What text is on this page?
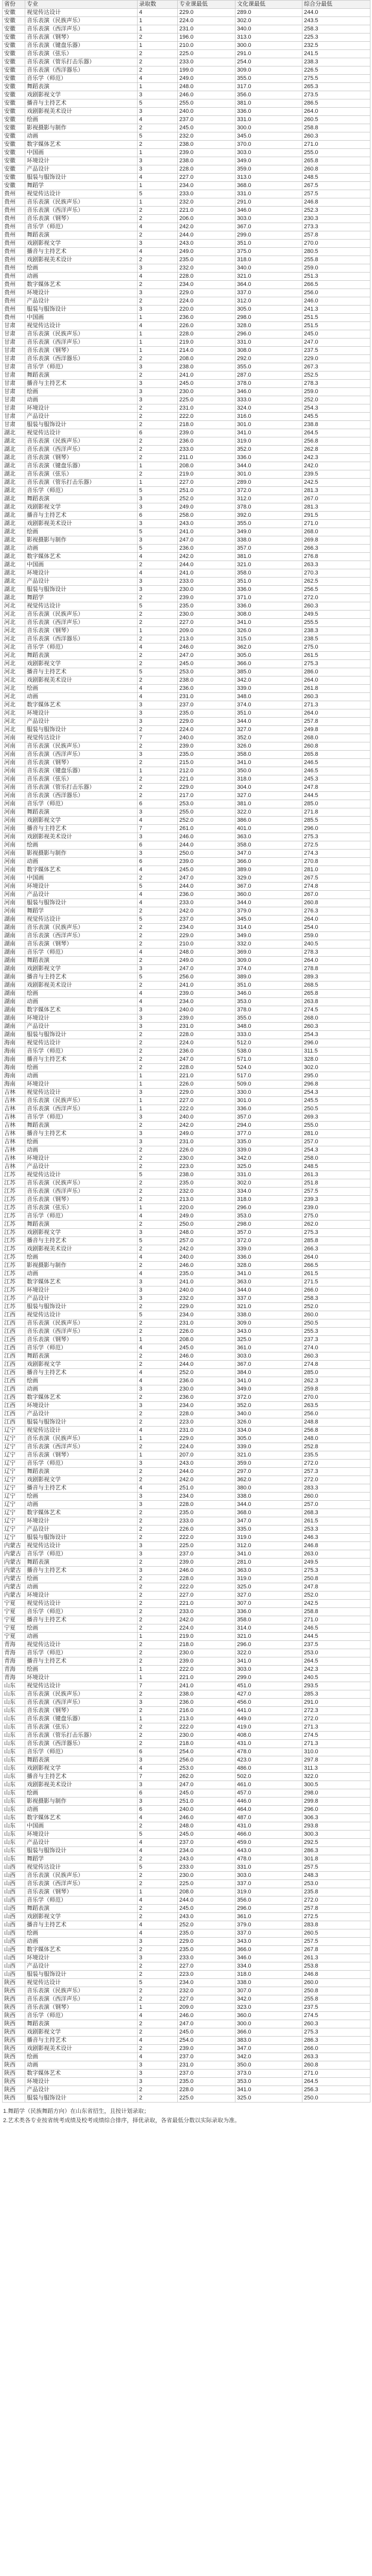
省份	专业	录取数	专业课最低	文化课最低	综合分最低
安徽	视觉传达设计	4	229.0	289.0	244.0
安徽	音乐表演（民族声乐）	1	224.0	302.0	243.5
安徽	音乐表演（西洋声乐）	1	231.0	340.0	258.3
安徽	音乐表演（钢琴）	2	196.0	313.0	225.3
安徽	音乐表演（键盘乐器）	1	210.0	300.0	232.5
安徽	音乐表演（弦乐）	2	225.0	291.0	241.5
安徽	音乐表演（管乐打击乐器）	2	233.0	254.0	238.3
安徽	音乐表演（西洋器乐）	2	199.0	309.0	226.5
安徽	音乐学（师范）	4	249.0	355.0	275.5
安徽	舞蹈表演	1	248.0	317.0	265.3
安徽	戏剧影视文学	3	246.0	356.0	273.5
安徽	播音与主持艺术	5	255.0	381.0	286.5
安徽	戏剧影视美术设计	3	240.0	336.0	264.0
安徽	绘画	4	237.0	331.0	260.5
安徽	影视摄影与制作	2	245.0	300.0	258.8
安徽	动画	5	232.0	345.0	260.3
安徽	数字媒体艺术	2	238.0	370.0	271.0
安徽	中国画	1	239.0	303.0	255.0
安徽	环境设计	3	238.0	349.0	265.8
安徽	产品设计	3	228.0	359.0	260.8
安徽	服装与服饰设计	4	227.0	313.0	248.5
安徽	舞蹈学	1	234.0	368.0	267.5
贵州	视觉传达设计	5	233.0	331.0	257.5
贵州	音乐表演（民族声乐）	1	232.0	291.0	246.8
贵州	音乐表演（西洋声乐）	2	221.0	346.0	252.3
贵州	音乐表演（钢琴）	2	206.0	303.0	230.3
贵州	音乐学（师范）	4	242.0	367.0	273.3
贵州	舞蹈表演	2	244.0	299.0	257.8
贵州	戏剧影视文学	3	243.0	351.0	270.0
贵州	播音与主持艺术	4	249.0	375.0	280.5
贵州	戏剧影视美术设计	2	235.0	318.0	255.8
贵州	绘画	3	232.0	340.0	259.0
贵州	动画	4	228.0	321.0	251.3
贵州	数字媒体艺术	2	234.0	364.0	266.5
贵州	环境设计	3	229.0	337.0	256.0
贵州	产品设计	2	224.0	312.0	246.0
贵州	服装与服饰设计	3	220.0	305.0	241.3
贵州	中国画	1	236.0	298.0	251.5
甘肃	视觉传达设计	4	226.0	328.0	251.5
甘肃	音乐表演（民族声乐）	1	228.0	296.0	245.0
甘肃	音乐表演（西洋声乐）	1	219.0	331.0	247.0
甘肃	音乐表演（钢琴）	1	214.0	308.0	237.5
甘肃	音乐表演（西洋器乐）	2	208.0	292.0	229.0
甘肃	音乐学（师范）	3	238.0	355.0	267.3
甘肃	舞蹈表演	2	241.0	287.0	252.5
甘肃	播音与主持艺术	3	245.0	378.0	278.3
甘肃	绘画	3	230.0	346.0	259.0
甘肃	动画	3	225.0	333.0	252.0
甘肃	环境设计	2	231.0	324.0	254.3
甘肃	产品设计	2	222.0	316.0	245.5
甘肃	服装与服饰设计	2	218.0	301.0	238.8
湖北	视觉传达设计	6	239.0	341.0	264.5
湖北	音乐表演（民族声乐）	2	236.0	319.0	256.8
湖北	音乐表演（西洋声乐）	2	233.0	352.0	262.8
湖北	音乐表演（钢琴）	2	211.0	336.0	242.3
湖北	音乐表演（键盘乐器）	1	208.0	344.0	242.0
湖北	音乐表演（弦乐）	2	219.0	301.0	239.5
湖北	音乐表演（管乐打击乐器）	1	227.0	289.0	242.5
湖北	音乐学（师范）	5	251.0	372.0	281.3
湖北	舞蹈表演	3	252.0	312.0	267.0
湖北	戏剧影视文学	3	249.0	378.0	281.3
湖北	播音与主持艺术	6	258.0	392.0	291.5
湖北	戏剧影视美术设计	3	243.0	355.0	271.0
湖北	绘画	5	241.0	349.0	268.0
湖北	影视摄影与制作	3	247.0	338.0	269.8
湖北	动画	5	236.0	357.0	266.3
湖北	数字媒体艺术	4	242.0	381.0	276.8
湖北	中国画	2	244.0	321.0	263.3
湖北	环境设计	4	241.0	358.0	270.3
湖北	产品设计	3	233.0	351.0	262.5
湖北	服装与服饰设计	3	230.0	336.0	256.5
湖北	舞蹈学	2	239.0	371.0	272.0
河北	视觉传达设计	5	235.0	336.0	260.3
河北	音乐表演（民族声乐）	2	230.0	308.0	249.5
河北	音乐表演（西洋声乐）	2	227.0	341.0	255.5
河北	音乐表演（钢琴）	1	209.0	326.0	238.3
河北	音乐表演（西洋器乐）	2	213.0	315.0	238.5
河北	音乐学（师范）	4	246.0	362.0	275.0
河北	舞蹈表演	2	247.0	305.0	261.5
河北	戏剧影视文学	2	245.0	366.0	275.3
河北	播音与主持艺术	5	253.0	385.0	286.0
河北	戏剧影视美术设计	2	238.0	342.0	264.0
河北	绘画	4	236.0	339.0	261.8
河北	动画	4	231.0	348.0	260.3
河北	数字媒体艺术	3	237.0	374.0	271.3
河北	环境设计	3	235.0	351.0	264.0
河北	产品设计	3	229.0	344.0	257.8
河北	服装与服饰设计	2	224.0	327.0	249.8
河南	视觉传达设计	7	240.0	352.0	268.0
河南	音乐表演（民族声乐）	2	239.0	326.0	260.8
河南	音乐表演（西洋声乐）	3	235.0	358.0	265.8
河南	音乐表演（钢琴）	2	215.0	341.0	246.5
河南	音乐表演（键盘乐器）	1	212.0	350.0	246.5
河南	音乐表演（弦乐）	2	221.0	318.0	245.3
河南	音乐表演（管乐打击乐器）	2	229.0	304.0	247.8
河南	音乐表演（西洋器乐）	2	217.0	327.0	244.5
河南	音乐学（师范）	6	253.0	381.0	285.0
河南	舞蹈表演	3	255.0	322.0	271.8
河南	戏剧影视文学	4	252.0	386.0	285.5
河南	播音与主持艺术	7	261.0	401.0	296.0
河南	戏剧影视美术设计	3	246.0	363.0	275.3
河南	绘画	6	244.0	358.0	272.5
河南	影视摄影与制作	3	250.0	347.0	274.3
河南	动画	6	239.0	366.0	270.8
河南	数字媒体艺术	4	245.0	389.0	281.0
河南	中国画	2	247.0	329.0	267.5
河南	环境设计	5	244.0	367.0	274.8
河南	产品设计	4	236.0	360.0	267.0
河南	服装与服饰设计	4	233.0	344.0	260.8
河南	舞蹈学	2	242.0	379.0	276.3
湖南	视觉传达设计	5	237.0	345.0	264.0
湖南	音乐表演（民族声乐）	2	234.0	314.0	254.0
湖南	音乐表演（西洋声乐）	2	229.0	349.0	259.0
湖南	音乐表演（钢琴）	2	210.0	332.0	240.5
湖南	音乐学（师范）	4	248.0	369.0	278.3
湖南	舞蹈表演	2	249.0	309.0	264.0
湖南	戏剧影视文学	3	247.0	374.0	278.8
湖南	播音与主持艺术	5	256.0	389.0	289.3
湖南	戏剧影视美术设计	2	241.0	351.0	268.5
湖南	绘画	4	239.0	346.0	265.8
湖南	动画	4	234.0	353.0	263.8
湖南	数字媒体艺术	3	240.0	378.0	274.5
湖南	环境设计	3	239.0	355.0	268.0
湖南	产品设计	3	231.0	348.0	260.3
湖南	服装与服饰设计	2	228.0	333.0	254.3
海南	视觉传达设计	2	224.0	512.0	296.0
海南	音乐学（师范）	2	236.0	538.0	311.5
海南	播音与主持艺术	2	247.0	571.0	328.0
海南	绘画	2	228.0	524.0	302.0
海南	动画	1	221.0	517.0	295.0
海南	环境设计	1	226.0	509.0	296.8
吉林	视觉传达设计	3	229.0	330.0	254.3
吉林	音乐表演（民族声乐）	1	227.0	301.0	245.5
吉林	音乐表演（西洋声乐）	1	222.0	336.0	250.5
吉林	音乐学（师范）	3	240.0	357.0	269.3
吉林	舞蹈表演	2	242.0	294.0	255.0
吉林	播音与主持艺术	3	249.0	377.0	281.0
吉林	绘画	3	231.0	335.0	257.0
吉林	动画	2	226.0	339.0	254.3
吉林	环境设计	2	230.0	342.0	258.0
吉林	产品设计	2	223.0	325.0	248.5
江苏	视觉传达设计	5	238.0	331.0	261.3
江苏	音乐表演（民族声乐）	2	235.0	302.0	251.8
江苏	音乐表演（西洋声乐）	2	232.0	334.0	257.5
江苏	音乐表演（钢琴）	2	213.0	318.0	239.3
江苏	音乐表演（弦乐）	1	220.0	296.0	239.0
江苏	音乐学（师范）	4	249.0	353.0	275.0
江苏	舞蹈表演	2	250.0	298.0	262.0
江苏	戏剧影视文学	3	248.0	357.0	275.3
江苏	播音与主持艺术	5	257.0	372.0	285.8
江苏	戏剧影视美术设计	2	242.0	339.0	266.3
江苏	绘画	4	240.0	336.0	264.0
江苏	影视摄影与制作	2	246.0	328.0	266.5
江苏	动画	4	235.0	341.0	261.5
江苏	数字媒体艺术	3	241.0	363.0	271.5
江苏	环境设计	3	240.0	344.0	266.0
江苏	产品设计	3	232.0	337.0	258.3
江苏	服装与服饰设计	2	229.0	321.0	252.0
江西	视觉传达设计	5	234.0	338.0	260.0
江西	音乐表演（民族声乐）	2	231.0	309.0	250.5
江西	音乐表演（西洋声乐）	2	226.0	343.0	255.3
江西	音乐表演（钢琴）	1	208.0	325.0	237.3
江西	音乐学（师范）	4	245.0	361.0	274.0
江西	舞蹈表演	2	246.0	303.0	260.3
江西	戏剧影视文学	2	244.0	367.0	274.8
江西	播音与主持艺术	4	252.0	384.0	285.0
江西	绘画	4	236.0	341.0	262.3
江西	动画	3	230.0	349.0	259.8
江西	数字媒体艺术	2	236.0	372.0	270.0
江西	环境设计	3	234.0	352.0	263.5
江西	产品设计	2	228.0	340.0	256.0
江西	服装与服饰设计	2	223.0	326.0	248.8
辽宁	视觉传达设计	4	231.0	334.0	256.8
辽宁	音乐表演（民族声乐）	1	229.0	305.0	248.0
辽宁	音乐表演（西洋声乐）	2	224.0	339.0	252.8
辽宁	音乐表演（钢琴）	1	207.0	321.0	235.5
辽宁	音乐学（师范）	3	243.0	359.0	272.0
辽宁	舞蹈表演	2	244.0	297.0	257.3
辽宁	戏剧影视文学	2	242.0	362.0	272.0
辽宁	播音与主持艺术	4	251.0	380.0	283.3
辽宁	绘画	3	234.0	338.0	260.0
辽宁	动画	3	228.0	344.0	257.0
辽宁	数字媒体艺术	2	235.0	368.0	268.3
辽宁	环境设计	2	233.0	347.0	261.5
辽宁	产品设计	2	226.0	335.0	253.3
辽宁	服装与服饰设计	2	222.0	319.0	246.3
内蒙古	视觉传达设计	3	225.0	312.0	246.8
内蒙古	音乐学（师范）	3	237.0	341.0	263.0
内蒙古	舞蹈表演	2	239.0	281.0	249.5
内蒙古	播音与主持艺术	3	246.0	363.0	275.3
内蒙古	绘画	2	228.0	319.0	250.8
内蒙古	动画	2	222.0	325.0	247.8
内蒙古	环境设计	2	227.0	327.0	252.0
宁夏	视觉传达设计	2	221.0	307.0	242.5
宁夏	音乐学（师范）	2	233.0	336.0	258.8
宁夏	播音与主持艺术	2	242.0	358.0	271.0
宁夏	绘画	2	224.0	314.0	246.5
宁夏	动画	1	219.0	321.0	244.5
青海	视觉传达设计	2	218.0	296.0	237.5
青海	音乐学（师范）	2	230.0	322.0	253.0
青海	播音与主持艺术	2	239.0	341.0	264.5
青海	绘画	1	222.0	303.0	242.3
青海	环境设计	1	221.0	299.0	240.5
山东	视觉传达设计	7	241.0	451.0	293.5
山东	音乐表演（民族声乐）	2	238.0	427.0	285.3
山东	音乐表演（西洋声乐）	3	236.0	456.0	291.0
山东	音乐表演（钢琴）	2	216.0	441.0	272.3
山东	音乐表演（键盘乐器）	1	213.0	449.0	272.0
山东	音乐表演（弦乐）	2	222.0	419.0	271.3
山东	音乐表演（管乐打击乐器）	2	230.0	408.0	274.5
山东	音乐表演（西洋器乐）	2	218.0	431.0	271.3
山东	音乐学（师范）	6	254.0	478.0	310.0
山东	舞蹈表演	3	256.0	423.0	297.8
山东	戏剧影视文学	4	253.0	486.0	311.3
山东	播音与主持艺术	7	262.0	502.0	322.0
山东	戏剧影视美术设计	3	247.0	461.0	300.5
山东	绘画	6	245.0	457.0	298.0
山东	影视摄影与制作	3	251.0	446.0	299.8
山东	动画	6	240.0	464.0	296.0
山东	数字媒体艺术	4	246.0	487.0	306.3
山东	中国画	2	248.0	431.0	293.8
山东	环境设计	5	245.0	466.0	300.3
山东	产品设计	4	237.0	459.0	292.5
山东	服装与服饰设计	4	234.0	443.0	286.3
山东	舞蹈学	2	243.0	478.0	301.8
山西	视觉传达设计	5	233.0	331.0	257.5
山西	音乐表演（民族声乐）	2	230.0	303.0	248.3
山西	音乐表演（西洋声乐）	2	225.0	337.0	253.0
山西	音乐表演（钢琴）	1	208.0	319.0	235.8
山西	音乐学（师范）	4	244.0	356.0	272.0
山西	舞蹈表演	2	245.0	296.0	257.8
山西	戏剧影视文学	2	243.0	361.0	272.5
山西	播音与主持艺术	4	252.0	379.0	283.8
山西	绘画	4	235.0	337.0	260.5
山西	动画	3	229.0	343.0	257.5
山西	数字媒体艺术	2	235.0	366.0	267.8
山西	环境设计	3	233.0	346.0	261.3
山西	产品设计	2	227.0	334.0	253.8
山西	服装与服饰设计	2	223.0	318.0	246.8
陕西	视觉传达设计	5	234.0	338.0	260.0
陕西	音乐表演（民族声乐）	2	232.0	307.0	250.8
陕西	音乐表演（西洋声乐）	2	227.0	342.0	255.8
陕西	音乐表演（钢琴）	1	209.0	323.0	237.5
陕西	音乐学（师范）	4	246.0	360.0	274.5
陕西	舞蹈表演	2	247.0	300.0	260.3
陕西	戏剧影视文学	2	245.0	366.0	275.3
陕西	播音与主持艺术	4	254.0	383.0	286.3
陕西	戏剧影视美术设计	2	239.0	347.0	266.0
陕西	绘画	4	237.0	342.0	263.3
陕西	动画	3	231.0	350.0	260.8
陕西	数字媒体艺术	3	237.0	373.0	271.0
陕西	环境设计	3	235.0	353.0	264.5
陕西	产品设计	2	228.0	341.0	256.3
陕西	服装与服饰设计	2	225.0	325.0	250.0

1.舞蹈学（民族舞蹈方向）在山东省招生，且按计划录取；

2.艺术类各专业按省统考成绩及校考成绩综合排序，择优录取，各省最低分数以实际录取为准。
